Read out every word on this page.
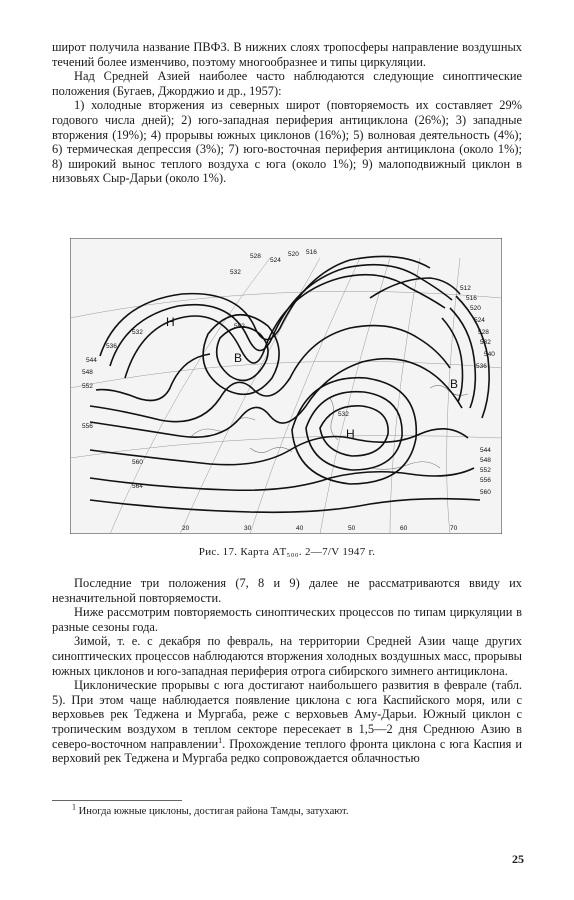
широт получила название ПВФЗ. В нижних слоях тропосферы направление воздушных течений более изменчиво, поэтому многообразнее и типы циркуляции.

Над Средней Азией наиболее часто наблюдаются следующие синоптические положения (Бугаев, Джорджио и др., 1957):

1) холодные вторжения из северных широт (повторяемость их составляет 29% годового числа дней); 2) юго-западная периферия антициклона (26%); 3) западные вторжения (19%); 4) прорывы южных циклонов (16%); 5) волновая деятельность (4%); 6) термическая депрессия (3%); 7) юго-восточная периферия антициклона (около 1%); 8) широкий вынос теплого воздуха с юга (около 1%); 9) малоподвижный циклон в низовьях Сыр-Дарьи (около 1%).

Н
В
В
Н
532
536
544
548
552
556
560
564
532
528
524
520 516
512
516
520
524
528
532
540
536
544
548
552
556
560
552
532
20	30	40	50	60	70
Рис. 17. Карта АТ₅₀₀. 2—7/V 1947 г.

Последние три положения (7, 8 и 9) далее не рассматриваются ввиду их незначительной повторяемости.

Ниже рассмотрим повторяемость синоптических процессов по типам циркуляции в разные сезоны года.

Зимой, т. е. с декабря по февраль, на территории Средней Азии чаще других синоптических процессов наблюдаются вторжения холодных воздушных масс, прорывы южных циклонов и юго-западная периферия отрога сибирского зимнего антициклона.

Циклонические прорывы с юга достигают наибольшего развития в феврале (табл. 5). При этом чаще наблюдается появление циклона с юга Каспийского моря, или с верховьев рек Теджена и Мургаба, реже с верховьев Аму-Дарьи. Южный циклон с тропическим воздухом в теплом секторе пересекает в 1,5—2 дня Среднюю Азию в северо-восточном направлении$^1$. Прохождение теплого фронта циклона с юга Каспия и верховий рек Теджена и Мургаба редко сопровождается облачностью

$^1$ Иногда южные циклоны, достигая района Тамды, затухают.
25
